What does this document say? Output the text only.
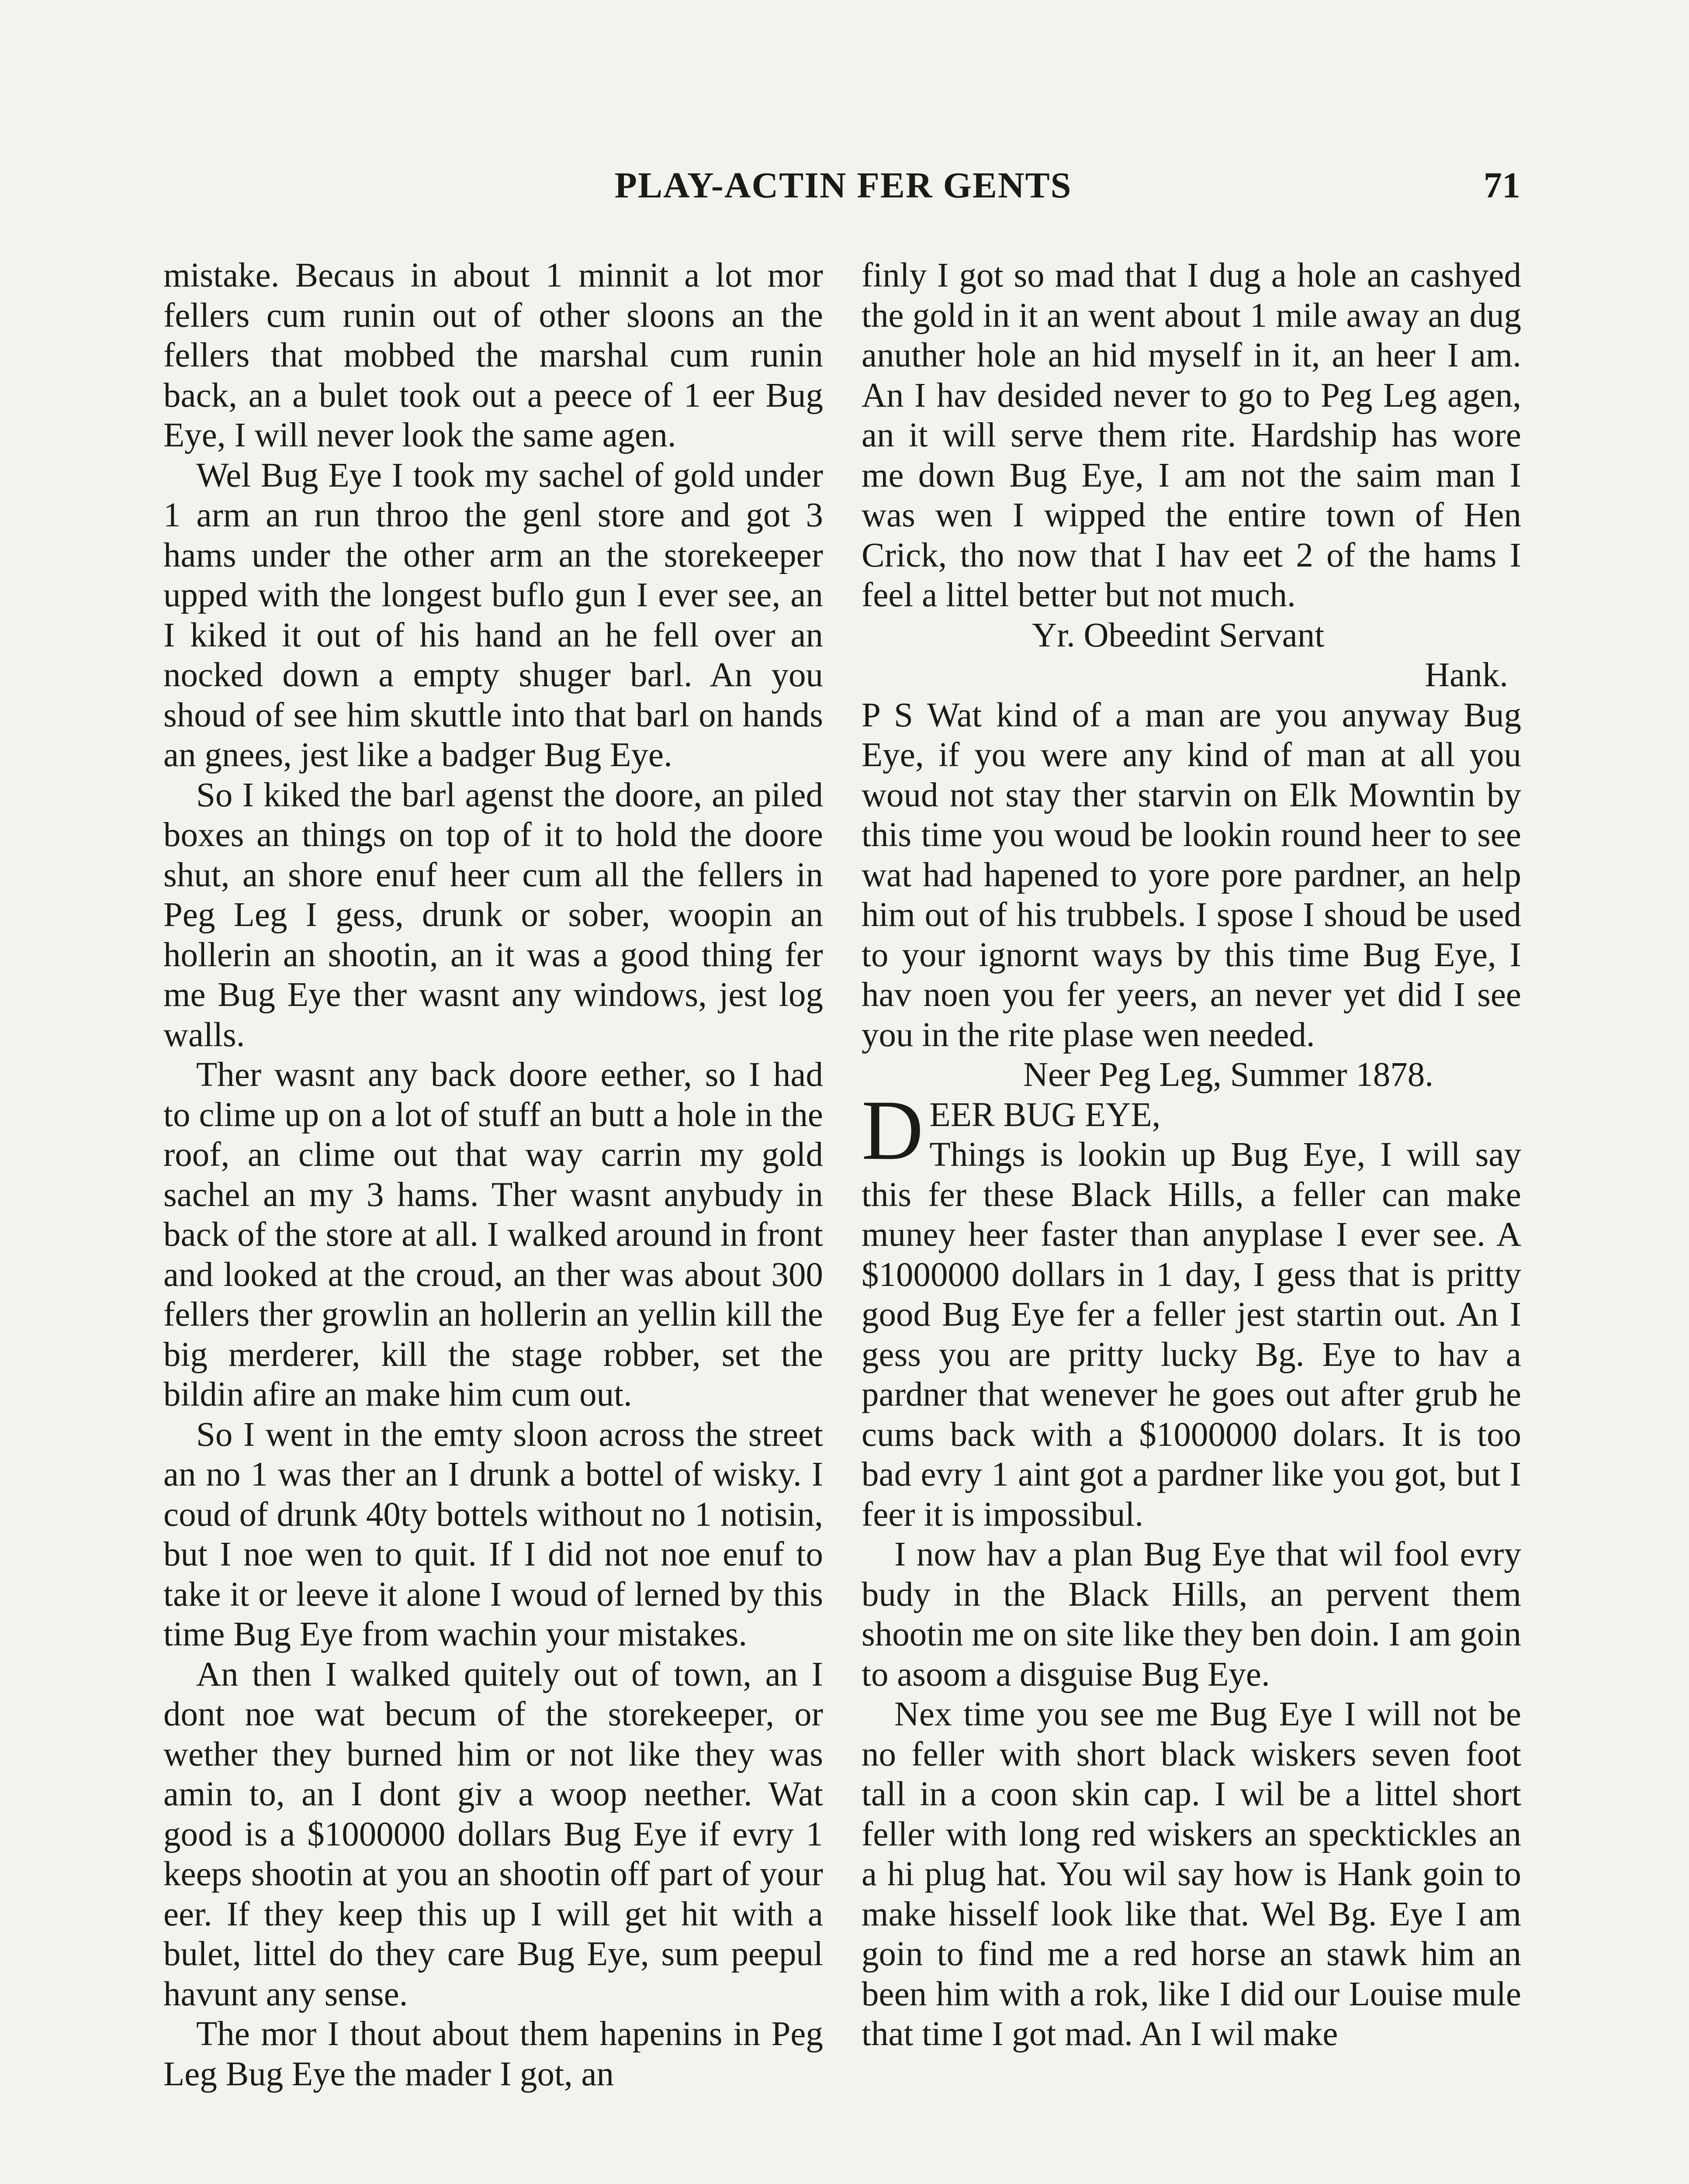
PLAY-ACTIN FER GENTS	71

mistake. Becaus in about 1 minnit a lot mor fellers cum runin out of other sloons an the fellers that mobbed the marshal cum runin back, an a bulet took out a peece of 1 eer Bug Eye, I will never look the same agen.

Wel Bug Eye I took my sachel of gold under 1 arm an run throo the genl store and got 3 hams under the other arm an the storekeeper upped with the longest buflo gun I ever see, an I kiked it out of his hand an he fell over an nocked down a empty shuger barl. An you shoud of see him skuttle into that barl on hands an gnees, jest like a badger Bug Eye.

So I kiked the barl agenst the doore, an piled boxes an things on top of it to hold the doore shut, an shore enuf heer cum all the fellers in Peg Leg I gess, drunk or sober, woopin an hollerin an shootin, an it was a good thing fer me Bug Eye ther wasnt any windows, jest log walls.

Ther wasnt any back doore eether, so I had to clime up on a lot of stuff an butt a hole in the roof, an clime out that way carrin my gold sachel an my 3 hams. Ther wasnt anybudy in back of the store at all. I walked around in front and looked at the croud, an ther was about 300 fellers ther growlin an hollerin an yellin kill the big merderer, kill the stage robber, set the bildin afire an make him cum out.

So I went in the emty sloon across the street an no 1 was ther an I drunk a bottel of wisky. I coud of drunk 40ty bottels without no 1 notisin, but I noe wen to quit. If I did not noe enuf to take it or leeve it alone I woud of lerned by this time Bug Eye from wachin your mistakes.

An then I walked quitely out of town, an I dont noe wat becum of the storekeeper, or wether they burned him or not like they was amin to, an I dont giv a woop neether. Wat good is a $1000000 dollars Bug Eye if evry 1 keeps shootin at you an shootin off part of your eer. If they keep this up I will get hit with a bulet, littel do they care Bug Eye, sum peepul havunt any sense.

The mor I thout about them hapenins in Peg Leg Bug Eye the mader I got, an

finly I got so mad that I dug a hole an cashyed the gold in it an went about 1 mile away an dug anuther hole an hid myself in it, an heer I am. An I hav desided never to go to Peg Leg agen, an it will serve them rite. Hardship has wore me down Bug Eye, I am not the saim man I was wen I wipped the entire town of Hen Crick, tho now that I hav eet 2 of the hams I feel a littel better but not much.

Yr. Obeedint Servant

Hank.

P S Wat kind of a man are you anyway Bug Eye, if you were any kind of man at all you woud not stay ther starvin on Elk Mowntin by this time you woud be lookin round heer to see wat had hapened to yore pore pardner, an help him out of his trubbels. I spose I shoud be used to your ignornt ways by this time Bug Eye, I hav noen you fer yeers, an never yet did I see you in the rite plase wen needed.

Neer Peg Leg, Summer 1878.

D EER BUG EYE,

Things is lookin up Bug Eye, I will say this fer these Black Hills, a feller can make muney heer faster than anyplase I ever see. A $1000000 dollars in 1 day, I gess that is pritty good Bug Eye fer a feller jest startin out. An I gess you are pritty lucky Bg. Eye to hav a pardner that wenever he goes out after grub he cums back with a $1000000 dolars. It is too bad evry 1 aint got a pardner like you got, but I feer it is impossibul.

I now hav a plan Bug Eye that wil fool evry budy in the Black Hills, an pervent them shootin me on site like they ben doin. I am goin to asoom a disguise Bug Eye.

Nex time you see me Bug Eye I will not be no feller with short black wiskers seven foot tall in a coon skin cap. I wil be a littel short feller with long red wiskers an specktickles an a hi plug hat. You wil say how is Hank goin to make hisself look like that. Wel Bg. Eye I am goin to find me a red horse an stawk him an been him with a rok, like I did our Louise mule that time I got mad. An I wil make
